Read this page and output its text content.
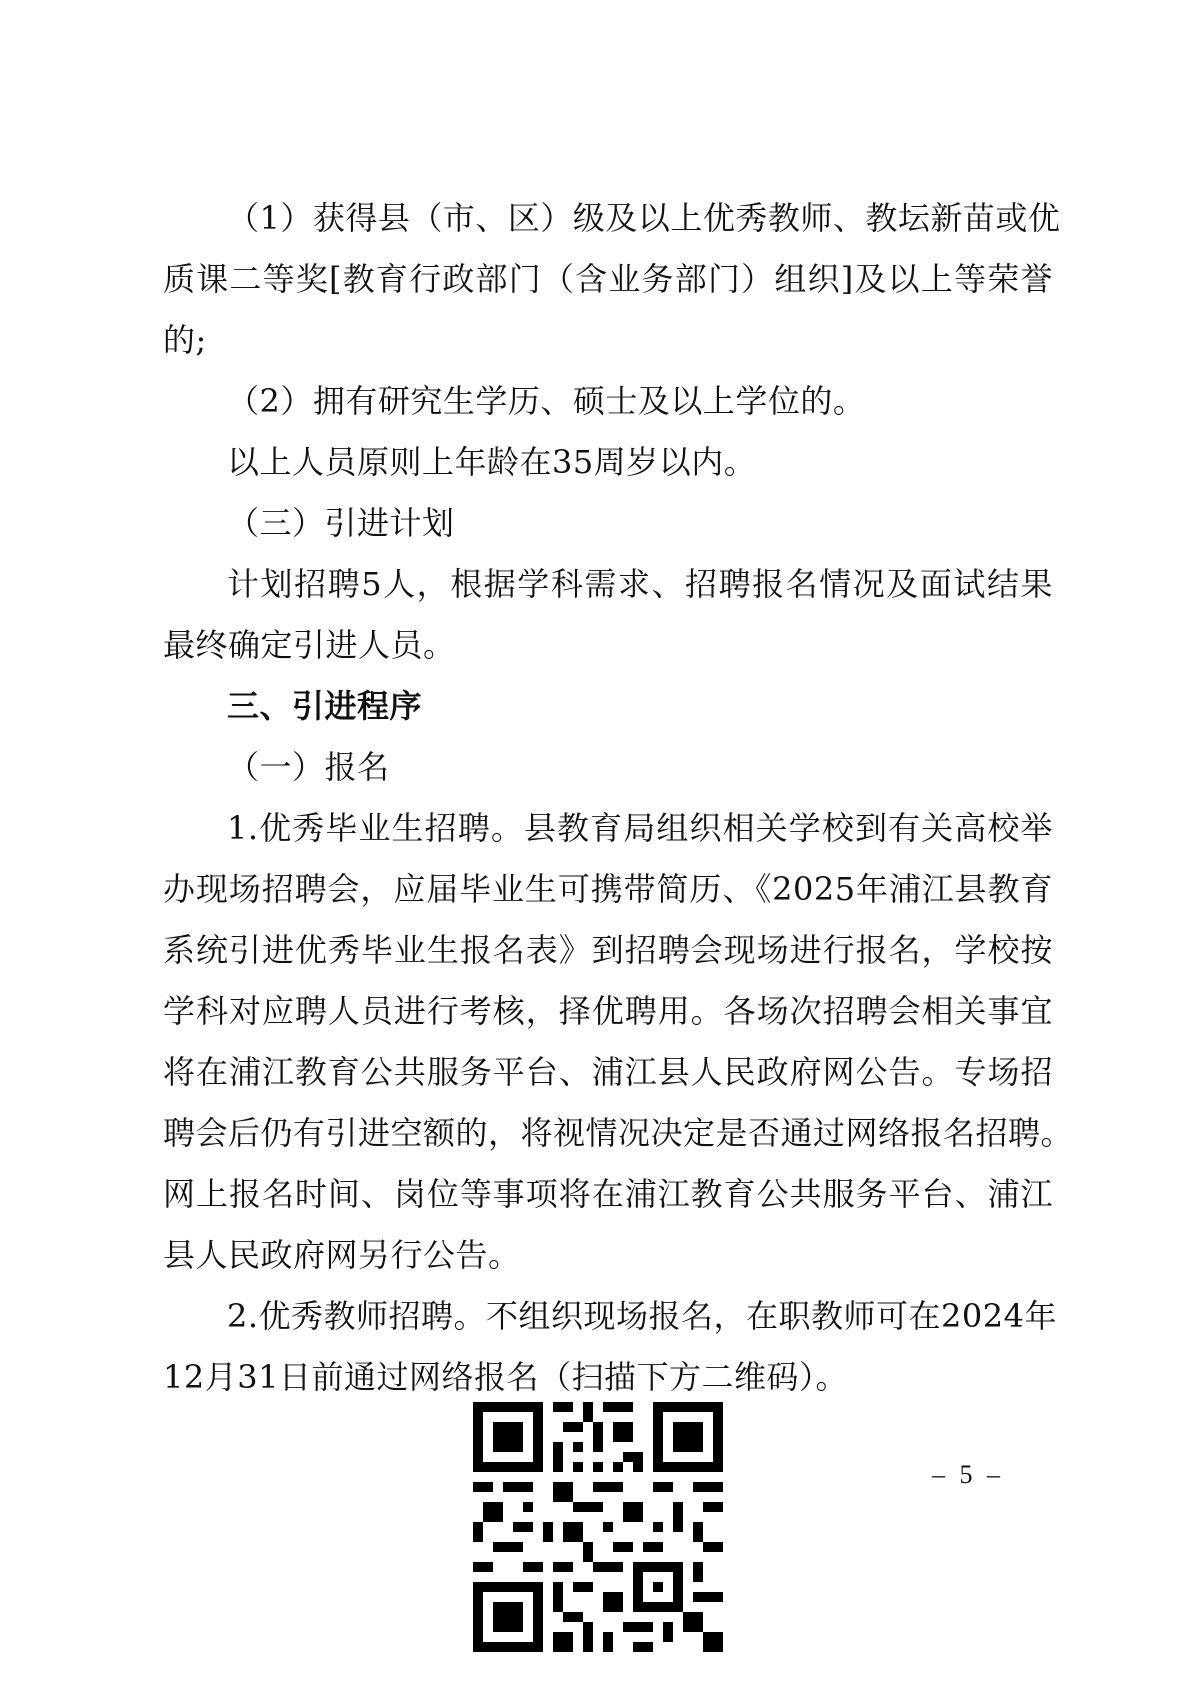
（1）获得县（市、区）级及以上优秀教师、教坛新苗或优
质课二等奖[教育行政部门（含业务部门）组织]及以上等荣誉
的;
（2）拥有研究生学历、硕士及以上学位的。
以上人员原则上年龄在35周岁以内。
（三）引进计划
计划招聘5人，根据学科需求、招聘报名情况及面试结果
最终确定引进人员。
三、引进程序
（一）报名
1.优秀毕业生招聘。县教育局组织相关学校到有关高校举
办现场招聘会，应届毕业生可携带简历、《2025年浦江县教育
系统引进优秀毕业生报名表》到招聘会现场进行报名，学校按
学科对应聘人员进行考核，择优聘用。各场次招聘会相关事宜
将在浦江教育公共服务平台、浦江县人民政府网公告。专场招
聘会后仍有引进空额的，将视情况决定是否通过网络报名招聘。
网上报名时间、岗位等事项将在浦江教育公共服务平台、浦江
县人民政府网另行公告。
2.优秀教师招聘。不组织现场报名，在职教师可在2024年
12月31日前通过网络报名（扫描下方二维码）。
– 5 –
